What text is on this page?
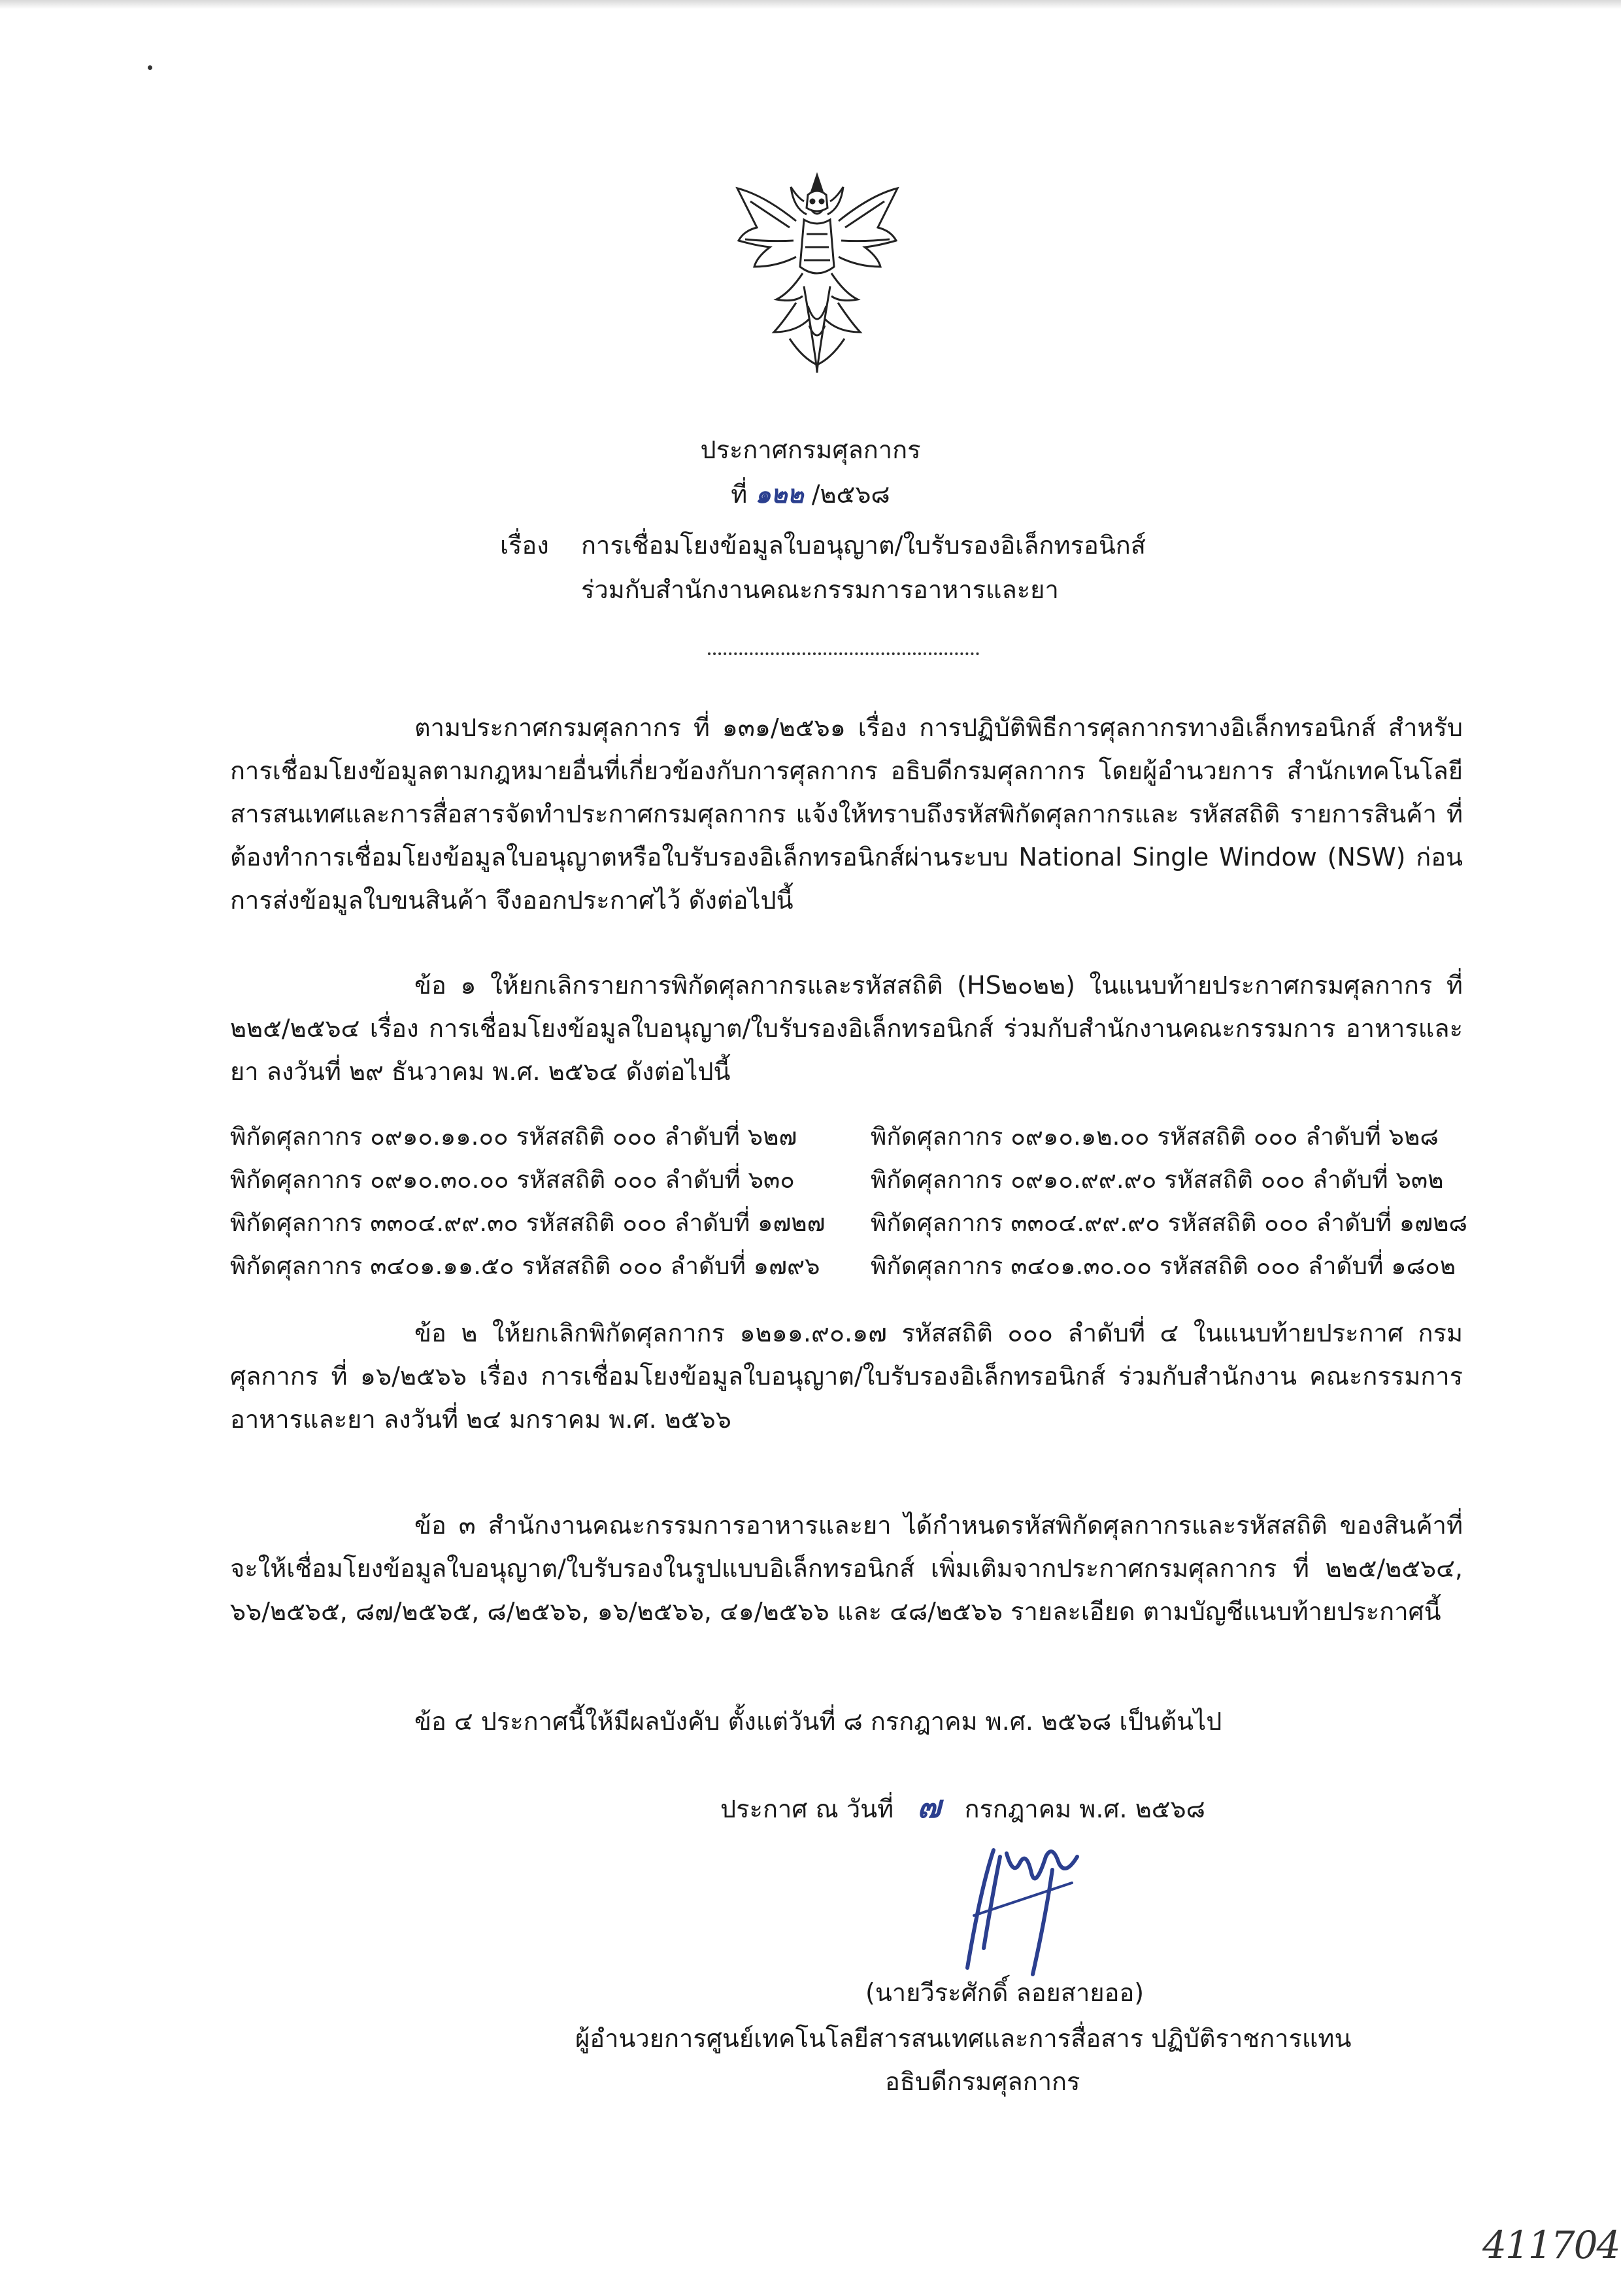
ประกาศกรมศุลกากร
ที่ ๑๒๒ /๒๕๖๘
เรื่อง การเชื่อมโยงข้อมูลใบอนุญาต/ใบรับรองอิเล็กทรอนิกส์
ร่วมกับสำนักงานคณะกรรมการอาหารและยา
ตามประกาศกรมศุลกากร ที่ ๑๓๑/๒๕๖๑ เรื่อง การปฏิบัติพิธีการศุลกากรทางอิเล็กทรอนิกส์ สำหรับการเชื่อมโยงข้อมูลตามกฎหมายอื่นที่เกี่ยวข้องกับการศุลกากร อธิบดีกรมศุลกากร โดยผู้อำนวยการ สำนักเทคโนโลยีสารสนเทศและการสื่อสารจัดทำประกาศกรมศุลกากร แจ้งให้ทราบถึงรหัสพิกัดศุลกากรและ รหัสสถิติ รายการสินค้า ที่ต้องทำการเชื่อมโยงข้อมูลใบอนุญาตหรือใบรับรองอิเล็กทรอนิกส์ผ่านระบบ National Single Window (NSW) ก่อนการส่งข้อมูลใบขนสินค้า จึงออกประกาศไว้ ดังต่อไปนี้
ข้อ ๑ ให้ยกเลิกรายการพิกัดศุลกากรและรหัสสถิติ (HS๒๐๒๒) ในแนบท้ายประกาศกรมศุลกากร ที่ ๒๒๕/๒๕๖๔ เรื่อง การเชื่อมโยงข้อมูลใบอนุญาต/ใบรับรองอิเล็กทรอนิกส์ ร่วมกับสำนักงานคณะกรรมการ อาหารและยา ลงวันที่ ๒๙ ธันวาคม พ.ศ. ๒๕๖๔ ดังต่อไปนี้
พิกัดศุลกากร ๐๙๑๐.๑๑.๐๐ รหัสสถิติ ๐๐๐ ลำดับที่ ๖๒๗	พิกัดศุลกากร ๐๙๑๐.๑๒.๐๐ รหัสสถิติ ๐๐๐ ลำดับที่ ๖๒๘
พิกัดศุลกากร ๐๙๑๐.๓๐.๐๐ รหัสสถิติ ๐๐๐ ลำดับที่ ๖๓๐	พิกัดศุลกากร ๐๙๑๐.๙๙.๙๐ รหัสสถิติ ๐๐๐ ลำดับที่ ๖๓๒
พิกัดศุลกากร ๓๓๐๔.๙๙.๓๐ รหัสสถิติ ๐๐๐ ลำดับที่ ๑๗๒๗	พิกัดศุลกากร ๓๓๐๔.๙๙.๙๐ รหัสสถิติ ๐๐๐ ลำดับที่ ๑๗๒๘
พิกัดศุลกากร ๓๔๐๑.๑๑.๕๐ รหัสสถิติ ๐๐๐ ลำดับที่ ๑๗๙๖	พิกัดศุลกากร ๓๔๐๑.๓๐.๐๐ รหัสสถิติ ๐๐๐ ลำดับที่ ๑๘๐๒
ข้อ ๒ ให้ยกเลิกพิกัดศุลกากร ๑๒๑๑.๙๐.๑๗ รหัสสถิติ ๐๐๐ ลำดับที่ ๔ ในแนบท้ายประกาศ กรมศุลกากร ที่ ๑๖/๒๕๖๖ เรื่อง การเชื่อมโยงข้อมูลใบอนุญาต/ใบรับรองอิเล็กทรอนิกส์ ร่วมกับสำนักงาน คณะกรรมการอาหารและยา ลงวันที่ ๒๔ มกราคม พ.ศ. ๒๕๖๖
ข้อ ๓ สำนักงานคณะกรรมการอาหารและยา ได้กำหนดรหัสพิกัดศุลกากรและรหัสสถิติ ของสินค้าที่จะให้เชื่อมโยงข้อมูลใบอนุญาต/ใบรับรองในรูปแบบอิเล็กทรอนิกส์ เพิ่มเติมจากประกาศกรมศุลกากร ที่ ๒๒๕/๒๕๖๔, ๖๖/๒๕๖๕, ๘๗/๒๕๖๕, ๘/๒๕๖๖, ๑๖/๒๕๖๖, ๔๑/๒๕๖๖ และ ๔๘/๒๕๖๖ รายละเอียด ตามบัญชีแนบท้ายประกาศนี้
ข้อ ๔ ประกาศนี้ให้มีผลบังคับ ตั้งแต่วันที่ ๘ กรกฎาคม พ.ศ. ๒๕๖๘ เป็นต้นไป
ประกาศ ณ วันที่ ๗ กรกฎาคม พ.ศ. ๒๕๖๘
(นายวีระศักดิ์ ลอยสายออ)
ผู้อำนวยการศูนย์เทคโนโลยีสารสนเทศและการสื่อสาร ปฏิบัติราชการแทน
อธิบดีกรมศุลกากร
411704
